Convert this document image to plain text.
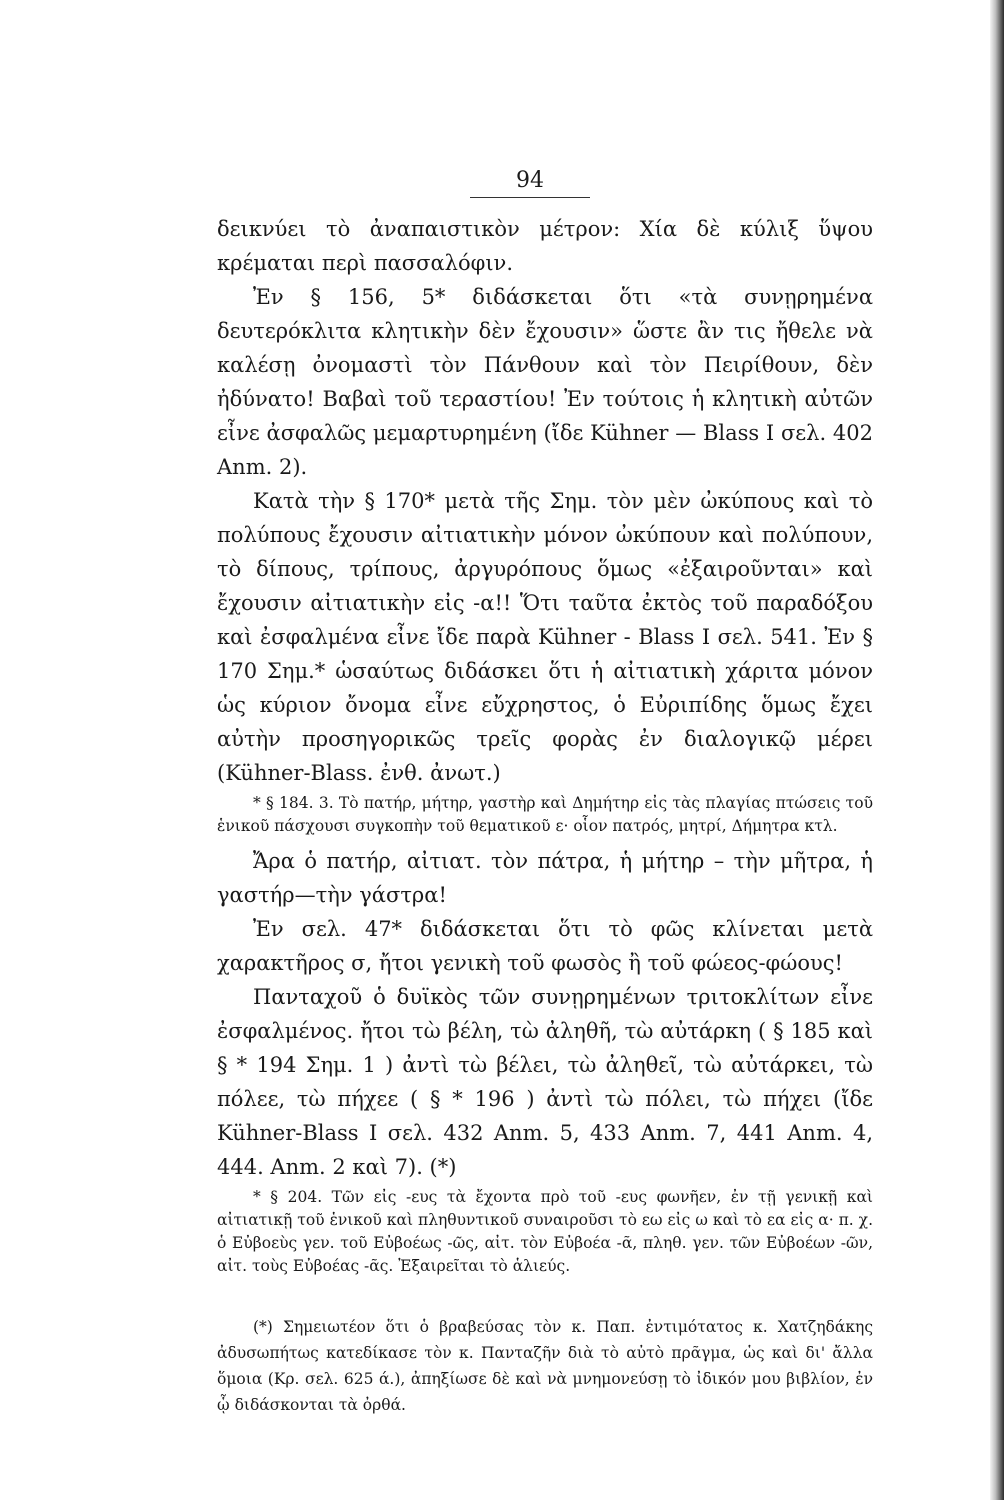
94

δεικνύει τὸ ἀναπαιστικὸν μέτρον: Χία δὲ κύλιξ ὕψου κρέμαται περὶ πασσαλόφιν.

Ἐν § 156, 5* διδάσκεται ὅτι «τὰ συνῃρημένα δευτερόκλιτα κλητικὴν δὲν ἔχουσιν» ὥστε ἂν τις ἤθελε νὰ καλέσῃ ὀνομαστὶ τὸν Πάνθουν καὶ τὸν Πειρίθουν, δὲν ἠδύνατο! Βαβαὶ τοῦ τεραστίου! Ἐν τούτοις ἡ κλητικὴ αὐτῶν εἶνε ἀσφαλῶς μεμαρτυρημένη (ἴδε Kühner — Blass I σελ. 402 Anm. 2).

Κατὰ τὴν § 170* μετὰ τῆς Σημ. τὸν μὲν ὠκύπους καὶ τὸ πολύπους ἔχουσιν αἰτιατικὴν μόνον ὠκύπουν καὶ πολύπουν, τὸ δίπους, τρίπους, ἀργυρόπους ὅμως «ἐξαιροῦνται» καὶ ἔχουσιν αἰτιατικὴν εἰς -α!! Ὅτι ταῦτα ἐκτὸς τοῦ παραδόξου καὶ ἐσφαλμένα εἶνε ἴδε παρὰ Kühner - Blass I σελ. 541. Ἐν § 170 Σημ.* ὡσαύτως διδάσκει ὅτι ἡ αἰτιατικὴ χάριτα μόνον ὡς κύριον ὄνομα εἶνε εὔχρηστος, ὁ Εὐριπίδης ὅμως ἔχει αὐτὴν προσηγορικῶς τρεῖς φορὰς ἐν διαλογικῷ μέρει (Kühner-Blass. ἐνθ. ἀνωτ.)

* § 184. 3. Τὸ πατήρ, μήτηρ, γαστὴρ καὶ Δημήτηρ εἰς τὰς πλαγίας πτώσεις τοῦ ἑνικοῦ πάσχουσι συγκοπὴν τοῦ θεματικοῦ ε· οἷον πατρός, μητρί, Δήμητρα κτλ.

Ἄρα ὁ πατήρ, αἰτιατ. τὸν πάτρα, ἡ μήτηρ – τὴν μῆτρα, ἡ γαστήρ—τὴν γάστρα!

Ἐν σελ. 47* διδάσκεται ὅτι τὸ φῶς κλίνεται μετὰ χαρακτῆρος σ, ἤτοι γενικὴ τοῦ φωσὸς ἢ τοῦ φώεος-φώους!

Πανταχοῦ ὁ δυϊκὸς τῶν συνῃρημένων τριτοκλίτων εἶνε ἐσφαλμένος. ἤτοι τὼ βέλη, τὼ ἀληθῆ, τὼ αὐτάρκη ( § 185 καὶ § * 194 Σημ. 1 ) ἀντὶ τὼ βέλει, τὼ ἀληθεῖ, τὼ αὐτάρκει, τὼ πόλεε, τὼ πήχεε ( § * 196 ) ἀντὶ τὼ πόλει, τὼ πήχει (ἴδε Kühner-Blass I σελ. 432 Anm. 5, 433 Anm. 7, 441 Anm. 4, 444. Anm. 2 καὶ 7). (*)

* § 204. Τῶν εἰς -ευς τὰ ἔχοντα πρὸ τοῦ -ευς φωνῆεν, ἐν τῇ γενικῇ καὶ αἰτιατικῇ τοῦ ἑνικοῦ καὶ πληθυντικοῦ συναιροῦσι τὸ εω εἰς ω καὶ τὸ εα εἰς α· π. χ. ὁ Εὐβοεὺς γεν. τοῦ Εὐβοέως -ῶς, αἰτ. τὸν Εὐβοέα -ᾶ, πληθ. γεν. τῶν Εὐβοέων -ῶν, αἰτ. τοὺς Εὐβοέας -ᾶς. Ἐξαιρεῖται τὸ ἁλιεύς.

(*) Σημειωτέον ὅτι ὁ βραβεύσας τὸν κ. Παπ. ἐντιμότατος κ. Χατζηδάκης ἀδυσωπήτως κατεδίκασε τὸν κ. Πανταζῆν διὰ τὸ αὐτὸ πρᾶγμα, ὡς καὶ δι' ἄλλα ὅμοια (Κρ. σελ. 625 ά.), ἀπηξίωσε δὲ καὶ νὰ μνημονεύσῃ τὸ ἰδικόν μου βιβλίον, ἐν ᾧ διδάσκονται τὰ ὀρθά.
